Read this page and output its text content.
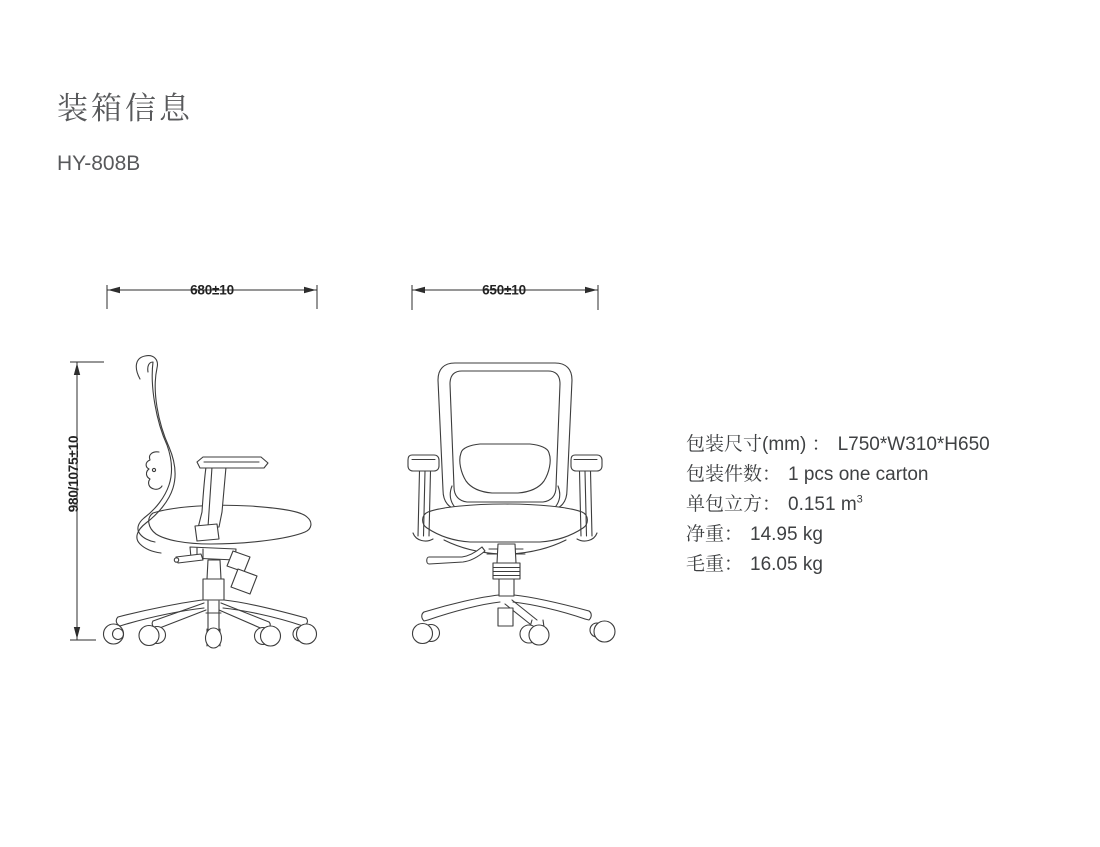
装箱信息
HY-808B
680±10	650±10
980/1075±10	包装尺寸(mm) ： L750*W310*H650
包装件数： 1 pcs one carton
单包立方： 0.151 $m^3$
净重： 14.95 kg
毛重： 16.05 kg
